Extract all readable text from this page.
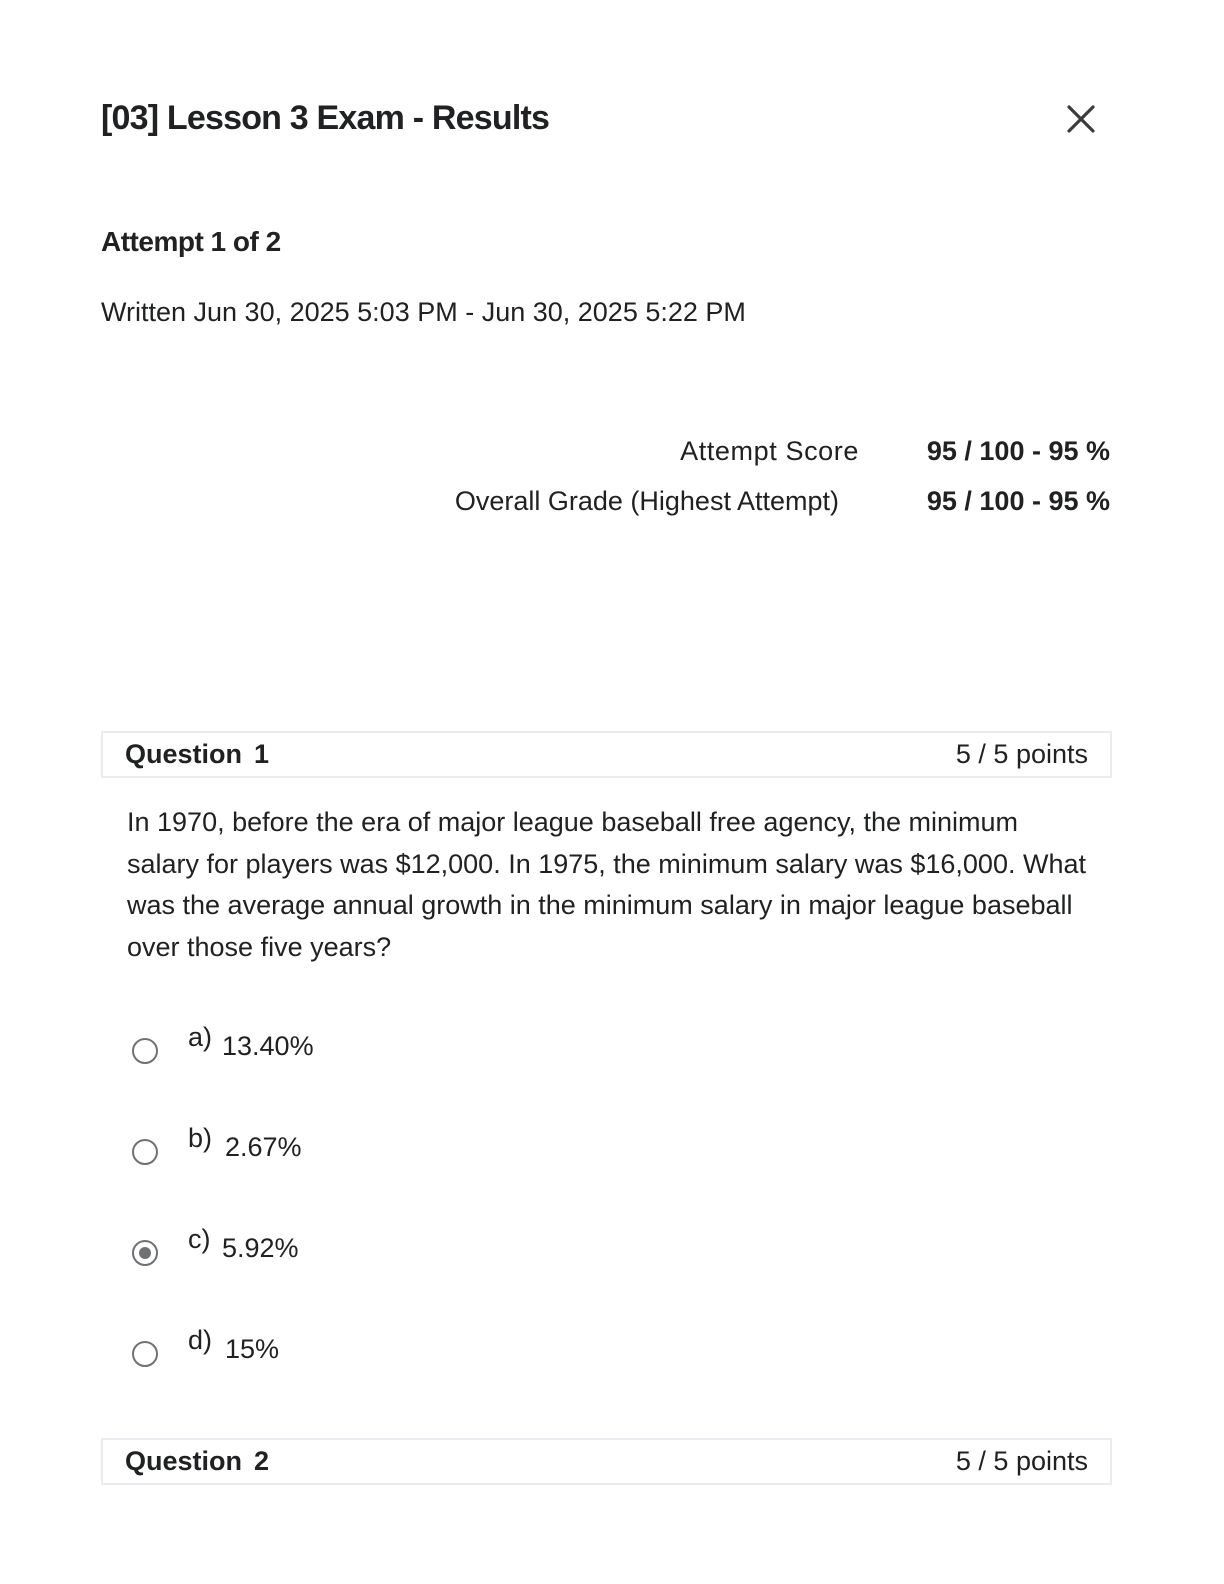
[03] Lesson 3 Exam - Results
Attempt 1 of 2
Written Jun 30, 2025 5:03 PM - Jun 30, 2025 5:22 PM
Attempt Score	95 / 100 - 95 %
Overall Grade (Highest Attempt)	95 / 100 - 95 %
Question 1	5 / 5 points

In 1970, before the era of major league baseball free agency, the minimum salary for players was $12,000. In 1975, the minimum salary was $16,000. What was the average annual growth in the minimum salary in major league baseball over those five years?

a) 13.40%
b) 2.67%
c) 5.92%
d) 15%
Question 2	5 / 5 points
